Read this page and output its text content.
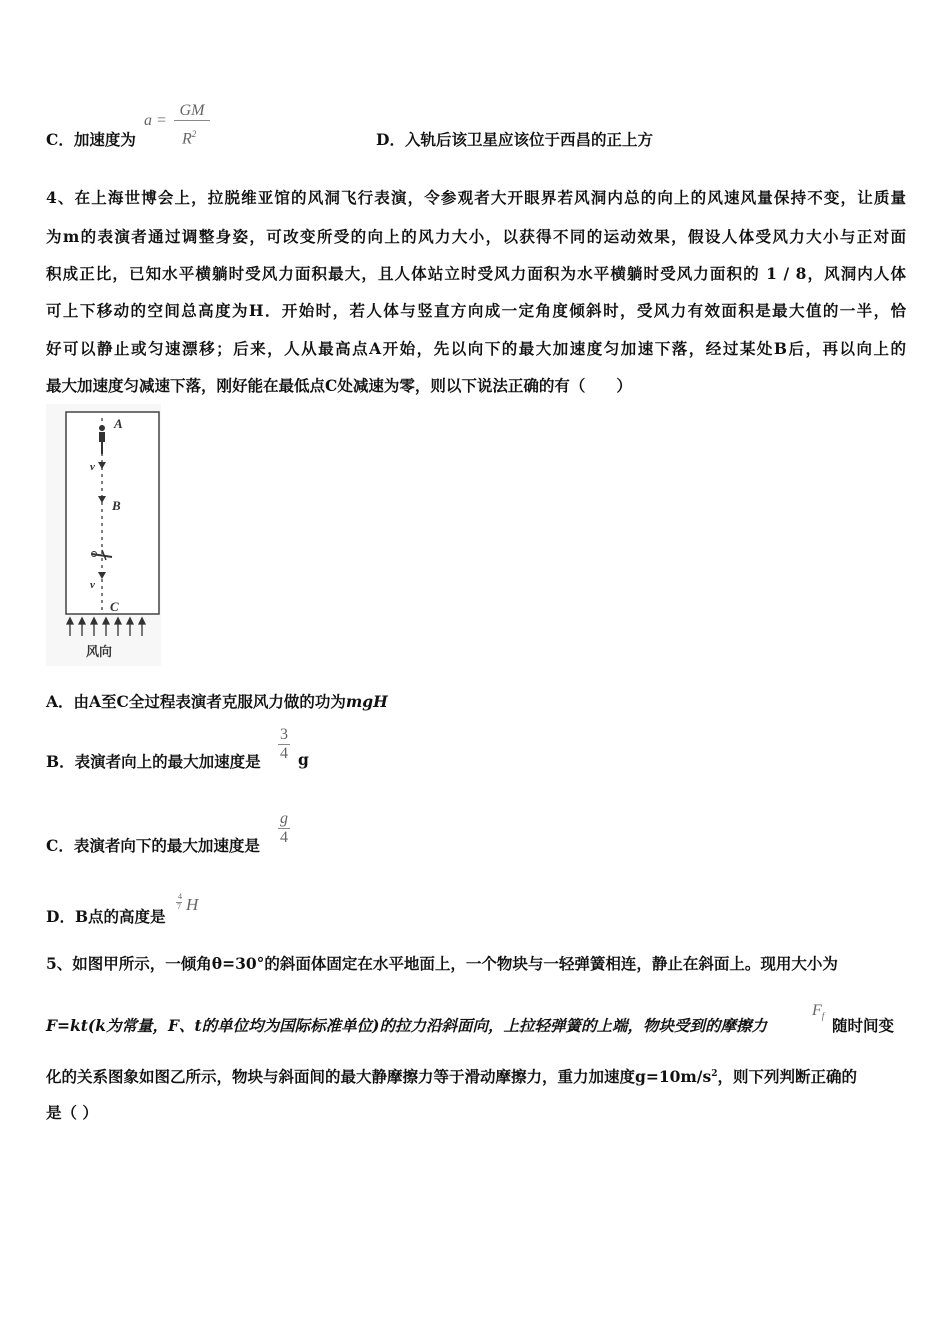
C．加速度为
a =
GM
$R^2$	D．入轨后该卫星应该位于西昌的正上方
4、在上海世博会上，拉脱维亚馆的风洞飞行表演，令参观者大开眼界若风洞内总的向上的风速风量保持不变，让质量
为m的表演者通过调整身姿，可改变所受的向上的风力大小，以获得不同的运动效果，假设人体受风力大小与正对面
积成正比，已知水平横躺时受风力面积最大，且人体站立时受风力面积为水平横躺时受风力面积的 1 / 8，风洞内人体
可上下移动的空间总高度为H．开始时，若人体与竖直方向成一定角度倾斜时，受风力有效面积是最大值的一半，恰
好可以静止或匀速漂移；后来，人从最高点A开始，先以向下的最大加速度匀加速下落，经过某处B后，再以向上的
最大加速度匀减速下落，刚好能在最低点C处减速为零，则以下说法正确的有（　　）
A
v
B
v
C
风向
A．由A至C全过程表演者克服风力做的功为mgH
B．表演者向上的最大加速度是 $\frac{3}{4}$ g
C．表演者向下的最大加速度是 $\frac{g}{4}$
D．B点的高度是
$\frac{4}{7}$ H
5、如图甲所示，一倾角θ=30°的斜面体固定在水平地面上，一个物块与一轻弹簧相连，静止在斜面上。现用大小为
F=kt(k为常量，F、t的单位均为国际标准单位)的拉力沿斜面向，上拉轻弹簧的上端，物块受到的摩擦力
$F_f$ 随时间变
化的关系图象如图乙所示，物块与斜面间的最大静摩擦力等于滑动摩擦力，重力加速度$g=10m/s^2$，则下列判断正确的
是（ ）
